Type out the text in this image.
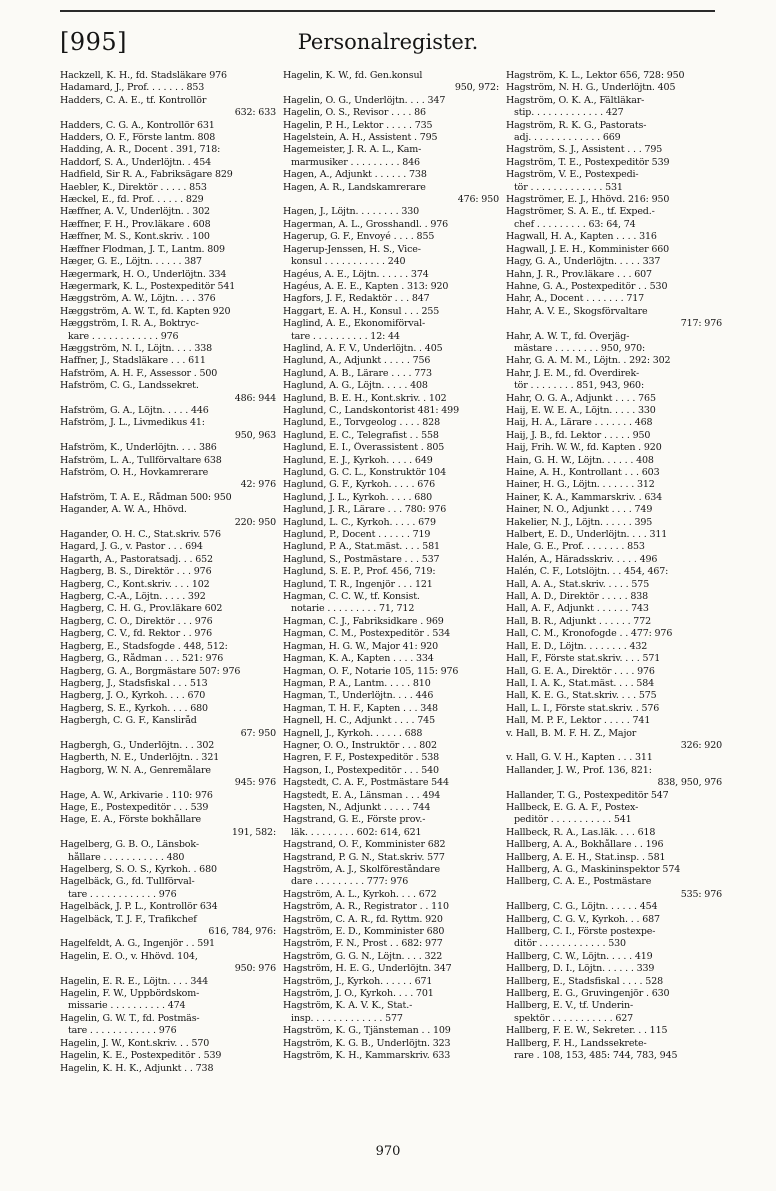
[995]	Personalregister.
Hackzell, K. H., fd. Stadsläkare 976
Hadamard, J., Prof. . . . . . . 853
Hadders, C. A. E., tf. Kontrollör
632: 633
Hadders, C. G. A., Kontrollör 631
Hadders, O. F., Förste lantm. 808
Hadding, A. R., Docent . 391, 718:
Haddorf, S. A., Underlöjtn. . 454
Hadfield, Sir R. A., Fabriksägare 829
Haebler, K., Direktör . . . . . 853
Hæckel, E., fd. Prof. . . . . . 829
Hæffner, A. V., Underlöjtn. . 302
Hæffner, F. H., Prov.läkare . 608
Hæffner, M. S., Kont.skriv. . 100
Hæffner Flodman, J. T., Lantm. 809
Hæger, G. E., Löjtn. . . . . . 387
Hægermark, H. O., Underlöjtn. 334
Hægermark, K. L., Postexpeditör 541
Hæggström, A. W., Löjtn. . . . 376
Hæggström, A. W. T., fd. Kapten 920
Hæggström, I. R. A., Boktryc-
kare . . . . . . . . . . . . 976
Hæggström, N. I., Löjtn. . . . 338
Haffner, J., Stadsläkare . . . 611
Hafström, A. H. F., Assessor . 500
Hafström, C. G., Landssekret.
486: 944
Hafström, G. A., Löjtn. . . . . 446
Hafström, J. L., Livmedikus 41:
950, 963
Hafström, K., Underlöjtn. . . . 386
Hafström, L. A., Tullförvaltare 638
Hafström, O. H., Hovkamrerare
42: 976
Hafström, T. A. E., Rådman 500: 950
Hagander, A. W. A., Hhövd.
220: 950
Hagander, O. H. C., Stat.skriv. 576
Hagard, J. G., v. Pastor . . . 694
Hagarth, A., Pastoratsadj. . . 652
Hagberg, B. S., Direktör . . . 976
Hagberg, C., Kont.skriv. . . . 102
Hagberg, C.-A., Löjtn. . . . . 392
Hagberg, C. H. G., Prov.läkare 602
Hagberg, C. O., Direktör . . . 976
Hagberg, C. V., fd. Rektor . . 976
Hagberg, E., Stadsfogde . 448, 512:
Hagberg, G., Rådman . . . 521: 976
Hagberg, G. A., Borgmästare 507: 976
Hagberg, J., Stadsfiskal . . . 513
Hagberg, J. O., Kyrkoh. . . . 670
Hagberg, S. E., Kyrkoh. . . . 680
Hagbergh, C. G. F., Kansliråd
67: 950
Hagbergh, G., Underlöjtn. . . 302
Hagberth, N. E., Underlöjtn. . 321
Hagborg, W. N. A., Genremålare
945: 976
Hage, A. W., Arkivarie . 110: 976
Hage, E., Postexpeditör . . . 539
Hage, E. A., Förste bokhållare
191, 582:
Hagelberg, G. B. O., Länsbok-
hållare . . . . . . . . . . . 480
Hagelberg, S. O. S., Kyrkoh. . 680
Hagelbäck, G., fd. Tullförval-
tare . . . . . . . . . . . . 976
Hagelbäck, J. P. L., Kontrollör 634
Hagelbäck, T. J. F., Trafikchef
616, 784, 976:
Hagelfeldt, A. G., Ingenjör . . 591
Hagelin, E. O., v. Hhövd. 104,
950: 976
Hagelin, E. R. E., Löjtn. . . . 344
Hagelin, F. W., Uppbördskom-
missarie . . . . . . . . . . 474
Hagelin, G. W. T., fd. Postmäs-
tare . . . . . . . . . . . . 976
Hagelin, J. W., Kont.skriv. . . 570
Hagelin, K. E., Postexpeditör . 539
Hagelin, K. H. K., Adjunkt . . 738
Hagelin, K. W., fd. Gen.konsul
950, 972:
Hagelin, O. G., Underlöjtn. . . . 347
Hagelin, O. S., Revisor . . . . 86
Hagelin, P. H., Lektor . . . . . 735
Hagelstein, A. H., Assistent . 795
Hagemeister, J. R. A. L., Kam-
marmusiker . . . . . . . . . 846
Hagen, A., Adjunkt . . . . . . 738
Hagen, A. R., Landskamrerare
476: 950
Hagen, J., Löjtn. . . . . . . . 330
Hagerman, A. L., Grosshandl. . 976
Hagerup, G. F., Envoyé . . . . 855
Hagerup-Jenssen, H. S., Vice-
konsul . . . . . . . . . . . 240
Hagéus, A. E., Löjtn. . . . . . 374
Hagéus, A. E. E., Kapten . 313: 920
Hagfors, J. F., Redaktör . . . 847
Haggart, E. A. H., Konsul . . . 255
Haglind, A. E., Ekonomiförval-
tare . . . . . . . . . . 12: 44
Haglind, A. F. V., Underlöjtn. . 405
Haglund, A., Adjunkt . . . . . 756
Haglund, A. B., Lärare . . . . 773
Haglund, A. G., Löjtn. . . . . 408
Haglund, B. E. H., Kont.skriv. . 102
Haglund, C., Landskontorist 481: 499
Haglund, E., Torvgeolog . . . . 828
Haglund, E. C., Telegrafist . . 558
Haglund, E. I., Överassistent . 805
Haglund, E. J., Kyrkoh. . . . . 649
Haglund, G. C. L., Konstruktör 104
Haglund, G. F., Kyrkoh. . . . . 676
Haglund, J. L., Kyrkoh. . . . . 680
Haglund, J. R., Lärare . . . 780: 976
Haglund, L. C., Kyrkoh. . . . . 679
Haglund, P., Docent . . . . . . 719
Haglund, P. A., Stat.mäst. . . . 581
Haglund, S., Postmästare . . . 537
Haglund, S. E. P., Prof. 456, 719:
Haglund, T. R., Ingenjör . . . 121
Hagman, C. C. W., tf. Konsist.
notarie . . . . . . . . . 71, 712
Hagman, C. J., Fabriksidkare . 969
Hagman, C. M., Postexpeditör . 534
Hagman, H. G. W., Major 41: 920
Hagman, K. A., Kapten . . . . 334
Hagman, O. F., Notarie 105, 115: 976
Hagman, P. A., Lantm. . . . . 810
Hagman, T., Underlöjtn. . . . 446
Hagman, T. H. F., Kapten . . . 348
Hagnell, H. C., Adjunkt . . . . 745
Hagnell, J., Kyrkoh. . . . . . 688
Hagner, O. O., Instruktör . . . 802
Hagren, F. F., Postexpeditör . 538
Hagson, I., Postexpeditör . . . 540
Hagstedt, C. A. F., Postmästare 544
Hagstedt, E. A., Länsman . . . 494
Hagsten, N., Adjunkt . . . . . 744
Hagstrand, G. E., Förste prov.-
läk. . . . . . . . . 602: 614, 621
Hagstrand, O. F., Komminister 682
Hagstrand, P. G. N., Stat.skriv. 577
Hagström, A. J., Skolföreståndare
dare . . . . . . . . . 777: 976
Hagström, A. L., Kyrkoh. . . . 672
Hagström, A. R., Registrator . . 110
Hagström, C. A. R., fd. Ryttm. 920
Hagström, E. D., Komminister 680
Hagström, F. N., Prost . . 682: 977
Hagström, G. G. N., Löjtn. . . . 322
Hagström, H. E. G., Underlöjtn. 347
Hagström, J., Kyrkoh. . . . . . 671
Hagström, J. O., Kyrkoh. . . . 701
Hagström, K. A. V. K., Stat.-
insp. . . . . . . . . . . . . 577
Hagström, K. G., Tjänsteman . . 109
Hagström, K. G. B., Underlöjtn. 323
Hagström, K. H., Kammarskriv. 633
Hagström, K. L., Lektor 656, 728: 950
Hagström, N. H. G., Underlöjtn. 405
Hagström, O. K. A., Fältläkar-
stip. . . . . . . . . . . . . 427
Hagström, R. K. G., Pastorats-
adj. . . . . . . . . . . . . 669
Hagström, S. J., Assistent . . . 795
Hagström, T. E., Postexpeditör 539
Hagström, V. E., Postexpedi-
tör . . . . . . . . . . . . . 531
Hagströmer, E. J., Hhövd. 216: 950
Hagströmer, S. A. E., tf. Exped.-
chef . . . . . . . . . 63: 64, 74
Hagwall, H. A., Kapten . . . . 316
Hagwall, J. E. H., Komminister 660
Hagy, G. A., Underlöjtn. . . . . 337
Hahn, J. R., Prov.läkare . . . 607
Hahne, G. A., Postexpeditör . . 530
Hahr, A., Docent . . . . . . . 717
Hahr, A. V. E., Skogsförvaltare
717: 976
Hahr, A. W. T., fd. Överjäg-
mästare . . . . . . . . 950, 970:
Hahr, G. A. M. M., Löjtn. . 292: 302
Hahr, J. E. M., fd. Överdirek-
tör . . . . . . . . 851, 943, 960:
Hahr, O. G. A., Adjunkt . . . . 765
Haij, E. W. E. A., Löjtn. . . . . 330
Haij, H. A., Lärare . . . . . . . 468
Haij, J. B., fd. Lektor . . . . . 950
Haij, Frih. W. W., fd. Kapten . 920
Hain, G. H. W., Löjtn. . . . . . 408
Haine, A. H., Kontrollant . . . 603
Hainer, H. G., Löjtn. . . . . . . 312
Hainer, K. A., Kammarskriv. . 634
Hainer, N. O., Adjunkt . . . . 749
Hakelier, N. J., Löjtn. . . . . . 395
Halbert, E. D., Underlöjtn. . . . 311
Hale, G. E., Prof. . . . . . . . 853
Halén, A., Häradsskriv. . . . . 496
Halén, C. F., Lotslöjtn. . . 454, 467:
Hall, A. A., Stat.skriv. . . . . 575
Hall, A. D., Direktör . . . . . 838
Hall, A. F., Adjunkt . . . . . . 743
Hall, B. R., Adjunkt . . . . . . 772
Hall, C. M., Kronofogde . . 477: 976
Hall, E. D., Löjtn. . . . . . . . 432
Hall, F., Förste stat.skriv. . . . 571
Hall, G. E. A., Direktör . . . . 976
Hall, I. A. K., Stat.mäst. . . . 584
Hall, K. E. G., Stat.skriv. . . . 575
Hall, L. I., Förste stat.skriv. . 576
Hall, M. P. F., Lektor . . . . . 741
v. Hall, B. M. F. H. Z., Major
326: 920
v. Hall, G. V. H., Kapten . . . 311
Hallander, J. W., Prof. 136, 821:
838, 950, 976
Hallander, T. G., Postexpeditör 547
Hallbeck, E. G. A. F., Postex-
peditör . . . . . . . . . . . 541
Hallbeck, R. A., Las.läk. . . . 618
Hallberg, A. A., Bokhållare . . 196
Hallberg, A. E. H., Stat.insp. . 581
Hallberg, A. G., Maskininspektor 574
Hallberg, C. A. E., Postmästare
535: 976
Hallberg, C. G., Löjtn. . . . . . 454
Hallberg, C. G. V., Kyrkoh. . . 687
Hallberg, C. I., Förste postexpe-
ditör . . . . . . . . . . . . 530
Hallberg, C. W., Löjtn. . . . . 419
Hallberg, D. I., Löjtn. . . . . . 339
Hallberg, E., Stadsfiskal . . . . 528
Hallberg, E. G., Gruvingenjör . 630
Hallberg, E. V., tf. Underin-
spektör . . . . . . . . . . . 627
Hallberg, F. E. W., Sekreter. . . 115
Hallberg, F. H., Landssekrete-
rare . 108, 153, 485: 744, 783, 945
970
